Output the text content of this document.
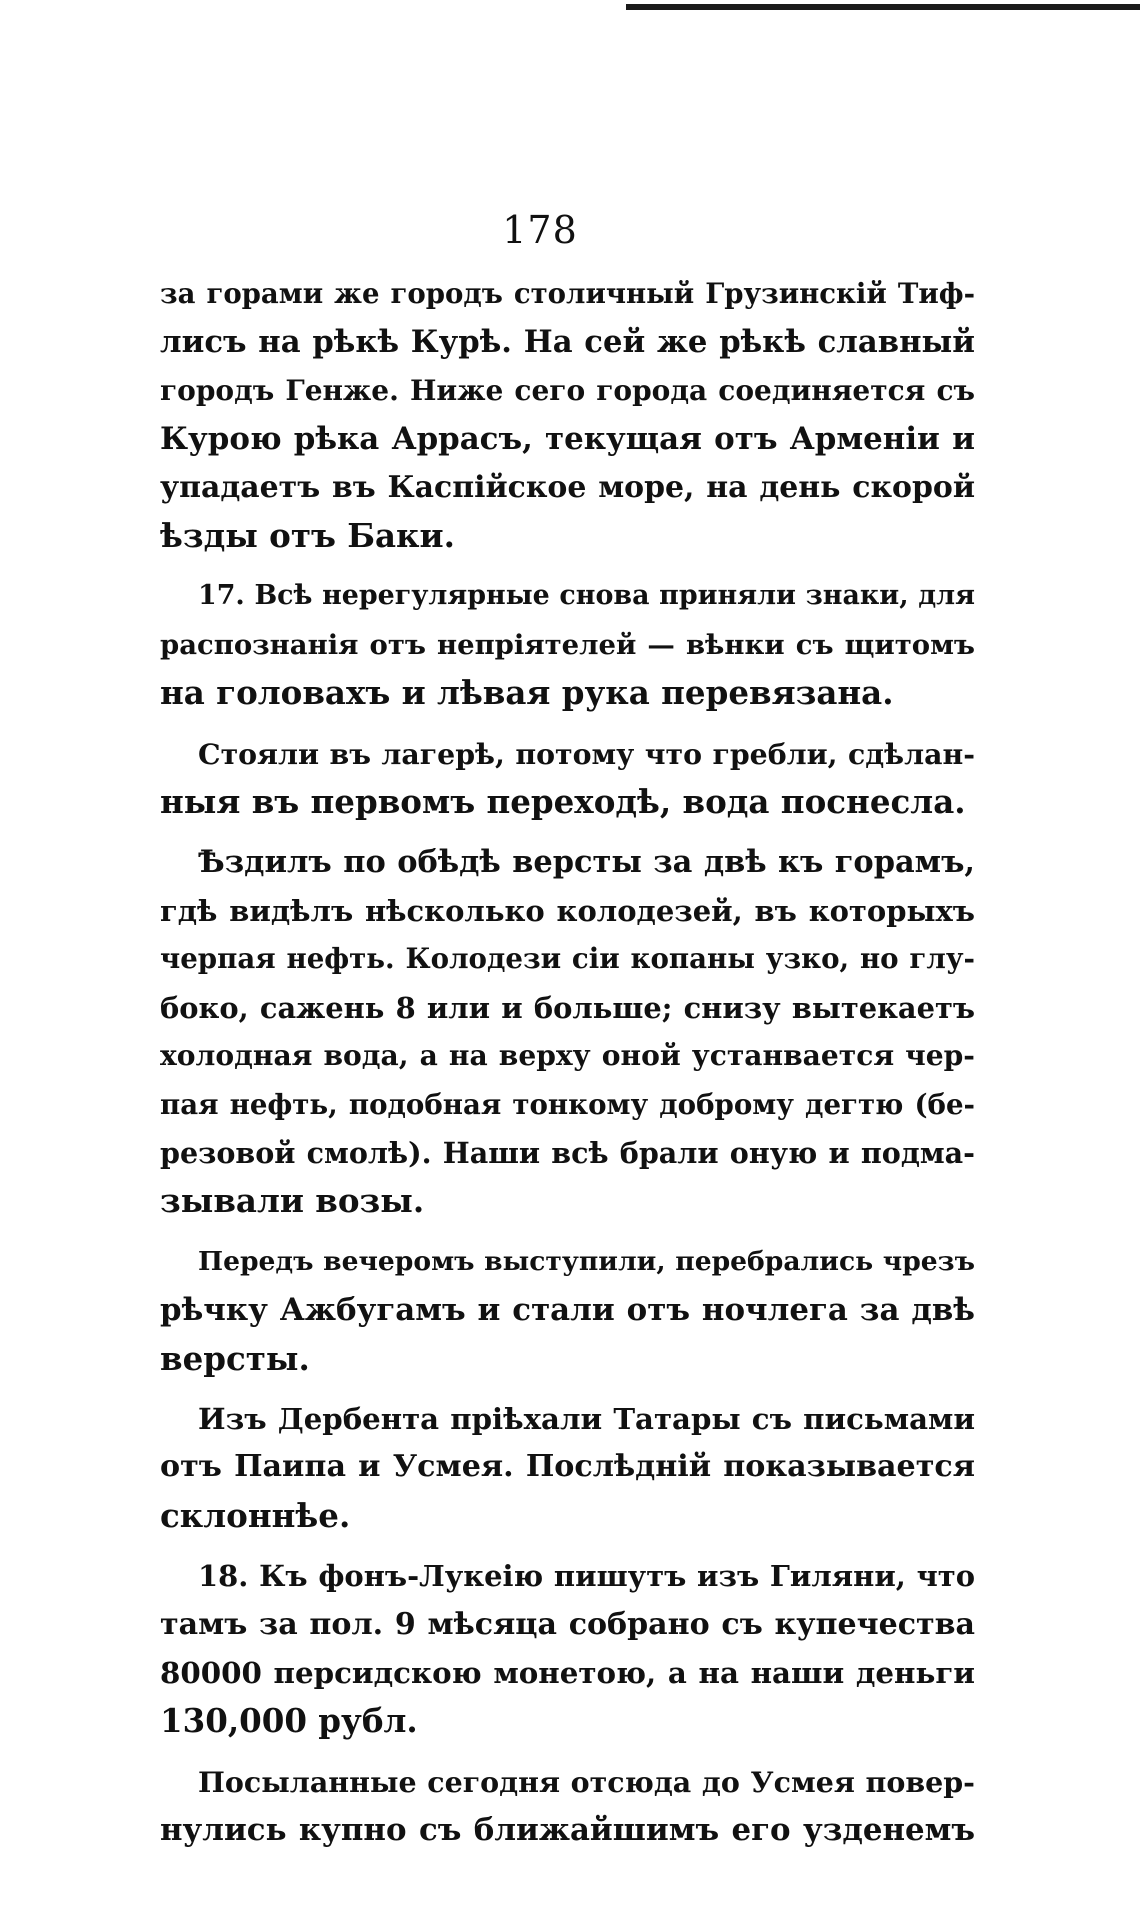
178
за горами же городъ столичный Грузинскій Тиф-
лисъ на рѣкѣ Курѣ. На сей же рѣкѣ славный
городъ Генже. Ниже сего города соединяется съ
Курою рѣка Аррасъ, текущая отъ Арменіи и
упадаетъ въ Каспійское море, на день скорой
ѣзды отъ Баки.
17. Всѣ нерегулярные снова приняли знаки, для
распознанія отъ непріятелей — вѣнки съ щитомъ
на головахъ и лѣвая рука перевязана.
Стояли въ лагерѣ, потому что гребли, сдѣлан-
ныя въ первомъ переходѣ, вода поснесла.
Ѣздилъ по обѣдѣ версты за двѣ къ горамъ,
гдѣ видѣлъ нѣсколько колодезей, въ которыхъ
черпая нефть. Колодези сіи копаны узко, но глу-
боко, сажень 8 или и больше; снизу вытекаетъ
холодная вода, а на верху оной устанвается чер-
пая нефть, подобная тонкому доброму дегтю (бе-
резовой смолѣ). Наши всѣ брали оную и подма-
зывали возы.
Передъ вечеромъ выступили, перебрались чрезъ
рѣчку Ажбугамъ и стали отъ ночлега за двѣ
версты.
Изъ Дербента пріѣхали Татары съ письмами
отъ Паипа и Усмея. Послѣдній показывается
склоннѣе.
18. Къ фонъ-Лукеію пишутъ изъ Гиляни, что
тамъ за пол. 9 мѣсяца собрано съ купечества
80000 персидскою монетою, а на наши деньги
130,000 рубл.
Посыланные сегодня отсюда до Усмея повер-
нулись купно съ ближайшимъ его узденемъ
